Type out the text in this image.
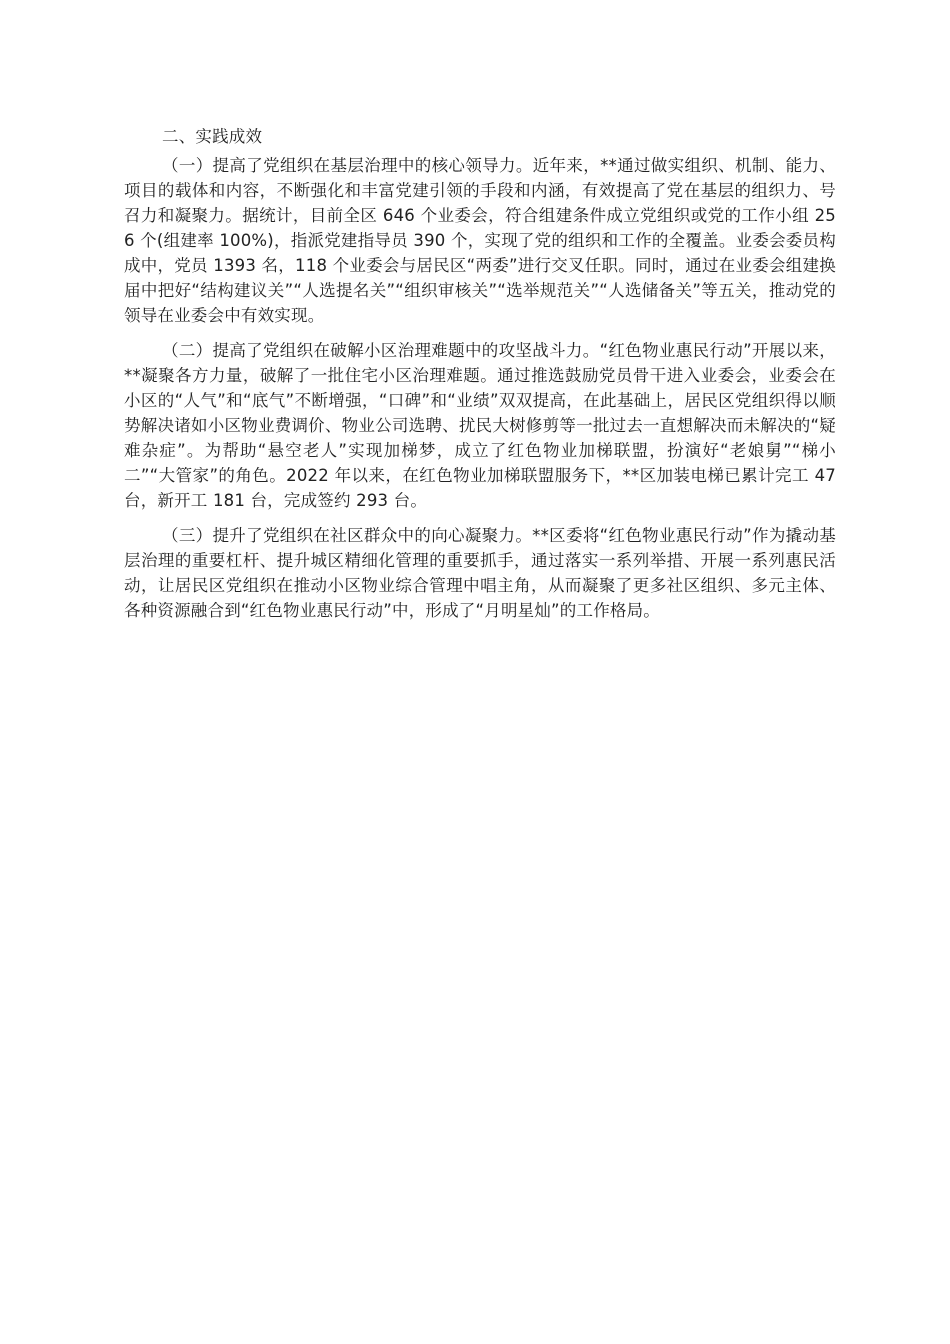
二、实践成效

（一）提高了党组织在基层治理中的核心领导力。近年来，**通过做实组织、机制、能力、项目的载体和内容，不断强化和丰富党建引领的手段和内涵，有效提高了党在基层的组织力、号召力和凝聚力。据统计，目前全区 646 个业委会，符合组建条件成立党组织或党的工作小组 256 个(组建率 100%)，指派党建指导员 390 个，实现了党的组织和工作的全覆盖。业委会委员构成中，党员 1393 名，118 个业委会与居民区“两委”进行交叉任职。同时，通过在业委会组建换届中把好“结构建议关”“人选提名关”“组织审核关”“选举规范关”“人选储备关”等五关，推动党的领导在业委会中有效实现。

（二）提高了党组织在破解小区治理难题中的攻坚战斗力。“红色物业惠民行动”开展以来，**凝聚各方力量，破解了一批住宅小区治理难题。通过推选鼓励党员骨干进入业委会，业委会在小区的“人气”和“底气”不断增强，“口碑”和“业绩”双双提高，在此基础上，居民区党组织得以顺势解决诸如小区物业费调价、物业公司选聘、扰民大树修剪等一批过去一直想解决而未解决的“疑难杂症”。为帮助“悬空老人”实现加梯梦，成立了红色物业加梯联盟，扮演好“老娘舅”“梯小二”“大管家”的角色。2022 年以来，在红色物业加梯联盟服务下，**区加装电梯已累计完工 47 台，新开工 181 台，完成签约 293 台。

（三）提升了党组织在社区群众中的向心凝聚力。**区委将“红色物业惠民行动”作为撬动基层治理的重要杠杆、提升城区精细化管理的重要抓手，通过落实一系列举措、开展一系列惠民活动，让居民区党组织在推动小区物业综合管理中唱主角，从而凝聚了更多社区组织、多元主体、各种资源融合到“红色物业惠民行动”中，形成了“月明星灿”的工作格局。
